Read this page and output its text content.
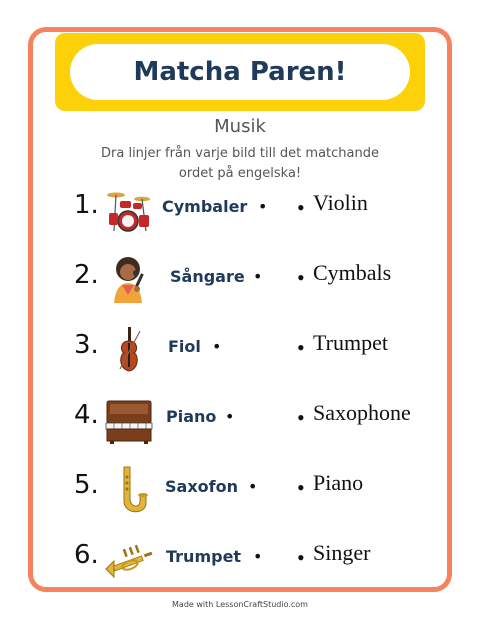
Matcha Paren!
Musik
Dra linjer från varje bild till det matchande
ordet på engelska!
1.	Cymbaler • • Violin
2.	Sångare • • Cymbals
3.	Fiol •	• Trumpet
4.	Piano •	• Saxophone
5.	Saxofon • • Piano
6.	Trumpet • • Singer
Made with LessonCraftStudio.com
